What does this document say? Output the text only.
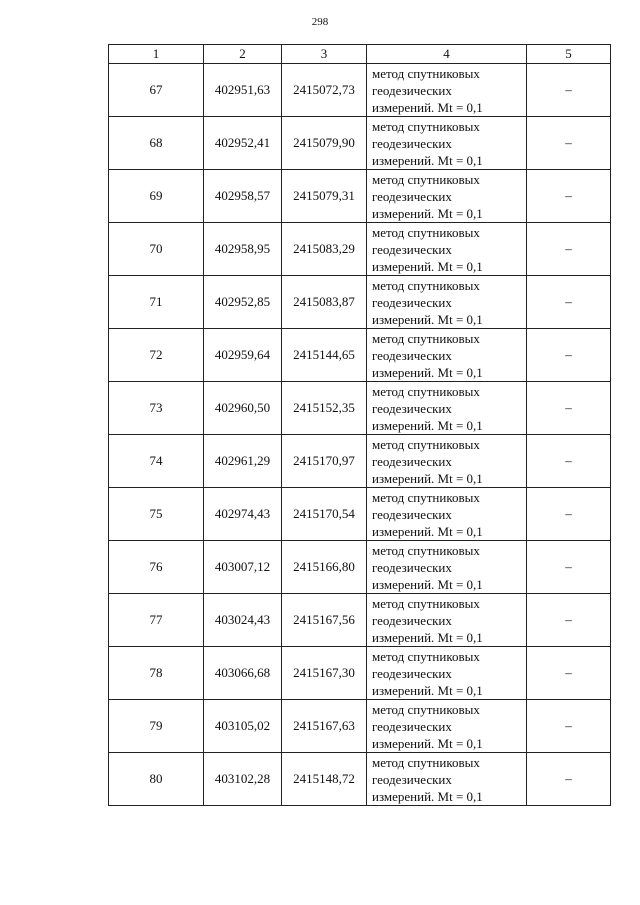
298
1	2	3	4	5
67	402951,63	2415072,73	метод спутниковых
геодезических
измерений. Mt = 0,1	–
68	402952,41	2415079,90	метод спутниковых
геодезических
измерений. Mt = 0,1	–
69	402958,57	2415079,31	метод спутниковых
геодезических
измерений. Mt = 0,1	–
70	402958,95	2415083,29	метод спутниковых
геодезических
измерений. Mt = 0,1	–
71	402952,85	2415083,87	метод спутниковых
геодезических
измерений. Mt = 0,1	–
72	402959,64	2415144,65	метод спутниковых
геодезических
измерений. Mt = 0,1	–
73	402960,50	2415152,35	метод спутниковых
геодезических
измерений. Mt = 0,1	–
74	402961,29	2415170,97	метод спутниковых
геодезических
измерений. Mt = 0,1	–
75	402974,43	2415170,54	метод спутниковых
геодезических
измерений. Mt = 0,1	–
76	403007,12	2415166,80	метод спутниковых
геодезических
измерений. Mt = 0,1	–
77	403024,43	2415167,56	метод спутниковых
геодезических
измерений. Mt = 0,1	–
78	403066,68	2415167,30	метод спутниковых
геодезических
измерений. Mt = 0,1	–
79	403105,02	2415167,63	метод спутниковых
геодезических
измерений. Mt = 0,1	–
80	403102,28	2415148,72	метод спутниковых
геодезических
измерений. Mt = 0,1	–
